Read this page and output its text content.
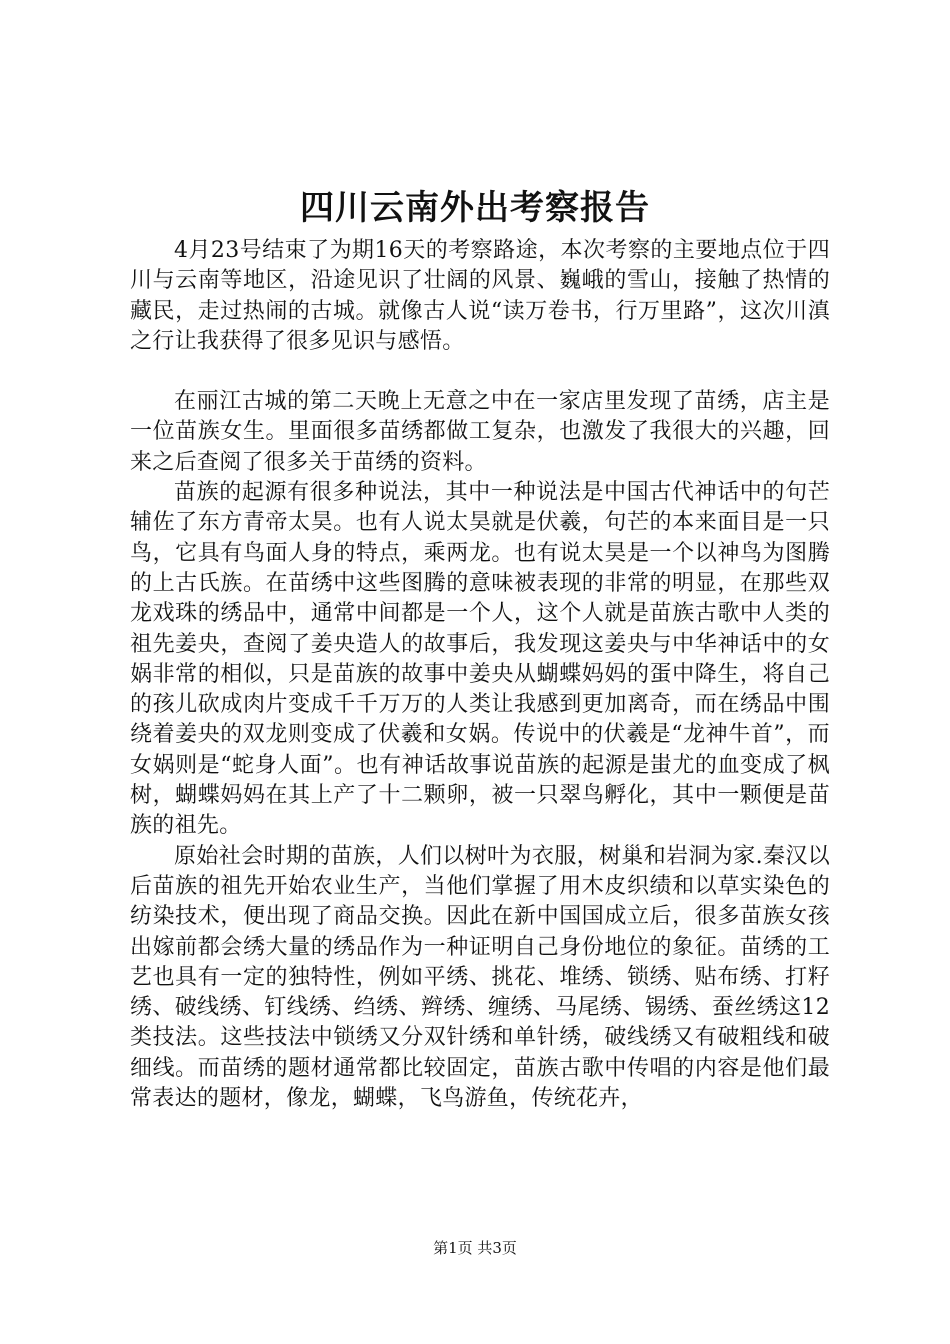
四川云南外出考察报告

4月23号结束了为期16天的考察路途，本次考察的主要地点位于四川与云南等地区，沿途见识了壮阔的风景、巍峨的雪山，接触了热情的藏民，走过热闹的古城。就像古人说“读万卷书，行万里路”，这次川滇之行让我获得了很多见识与感悟。

在丽江古城的第二天晚上无意之中在一家店里发现了苗绣，店主是一位苗族女生。里面很多苗绣都做工复杂，也激发了我很大的兴趣，回来之后查阅了很多关于苗绣的资料。

苗族的起源有很多种说法，其中一种说法是中国古代神话中的句芒辅佐了东方青帝太昊。也有人说太昊就是伏羲，句芒的本来面目是一只鸟，它具有鸟面人身的特点，乘两龙。也有说太昊是一个以神鸟为图腾的上古氏族。在苗绣中这些图腾的意味被表现的非常的明显，在那些双龙戏珠的绣品中，通常中间都是一个人，这个人就是苗族古歌中人类的祖先姜央，查阅了姜央造人的故事后，我发现这姜央与中华神话中的女娲非常的相似，只是苗族的故事中姜央从蝴蝶妈妈的蛋中降生，将自己的孩儿砍成肉片变成千千万万的人类让我感到更加离奇，而在绣品中围绕着姜央的双龙则变成了伏羲和女娲。传说中的伏羲是“龙神牛首”，而女娲则是“蛇身人面”。也有神话故事说苗族的起源是蚩尤的血变成了枫树，蝴蝶妈妈在其上产了十二颗卵，被一只翠鸟孵化，其中一颗便是苗族的祖先。

原始社会时期的苗族，人们以树叶为衣服，树巢和岩洞为家.秦汉以后苗族的祖先开始农业生产，当他们掌握了用木皮织绩和以草实染色的纺染技术，便出现了商品交换。因此在新中国国成立后，很多苗族女孩出嫁前都会绣大量的绣品作为一种证明自己身份地位的象征。苗绣的工艺也具有一定的独特性，例如平绣、挑花、堆绣、锁绣、贴布绣、打籽绣、破线绣、钉线绣、绉绣、辫绣、缠绣、马尾绣、锡绣、蚕丝绣这12类技法。这些技法中锁绣又分双针绣和单针绣，破线绣又有破粗线和破细线。而苗绣的题材通常都比较固定，苗族古歌中传唱的内容是他们最常表达的题材，像龙，蝴蝶，飞鸟游鱼，传统花卉，

第1页 共3页
